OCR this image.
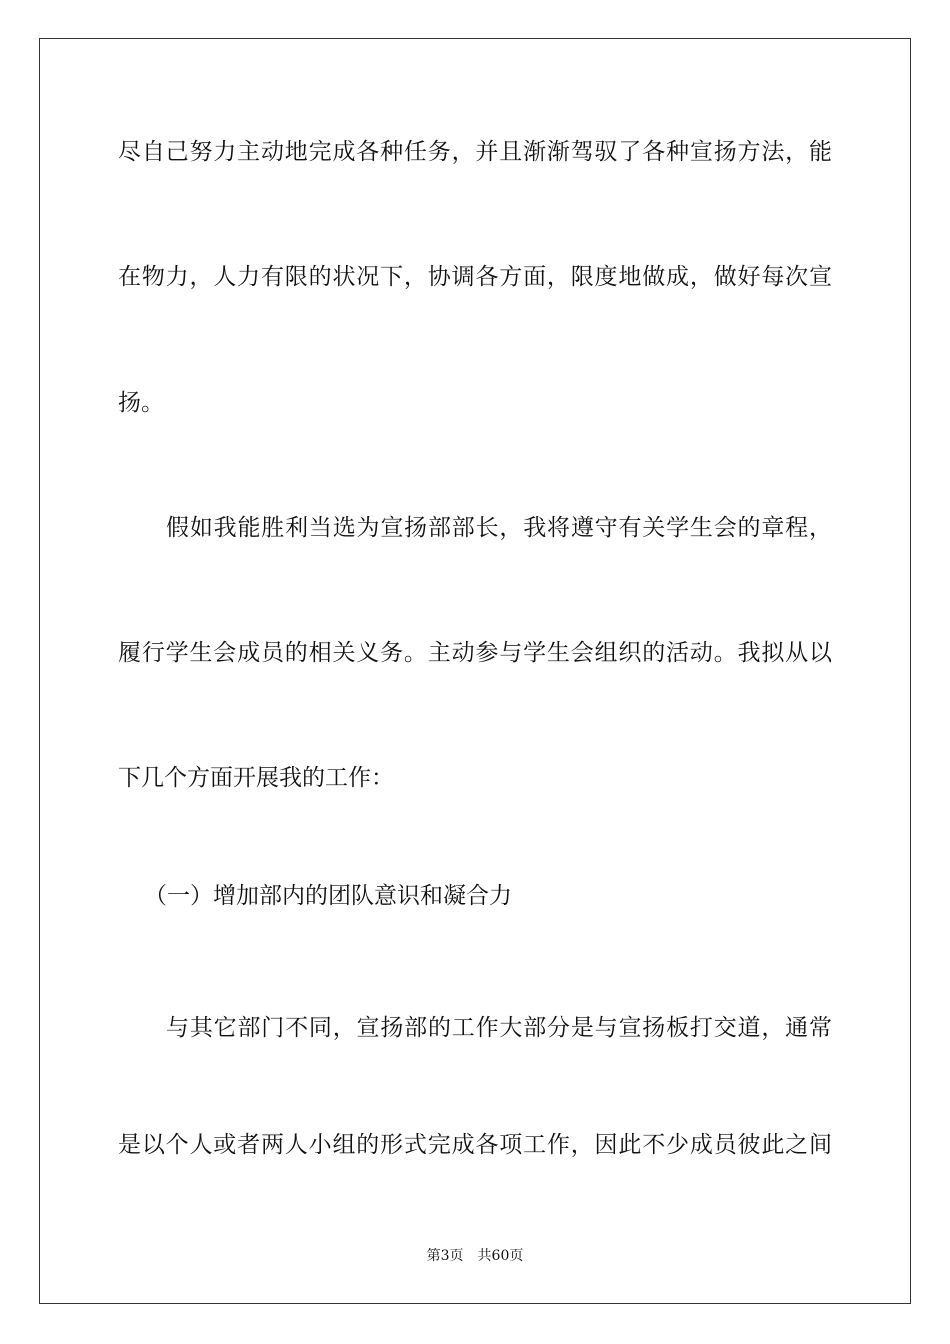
尽自己努力主动地完成各种任务，并且渐渐驾驭了各种宣扬方法，能
在物力，人力有限的状况下，协调各方面，限度地做成，做好每次宣
扬。
假如我能胜利当选为宣扬部部长，我将遵守有关学生会的章程，
履行学生会成员的相关义务。主动参与学生会组织的活动。我拟从以
下几个方面开展我的工作：
（一）增加部内的团队意识和凝合力
与其它部门不同，宣扬部的工作大部分是与宣扬板打交道，通常
是以个人或者两人小组的形式完成各项工作，因此不少成员彼此之间
第3页 共60页
